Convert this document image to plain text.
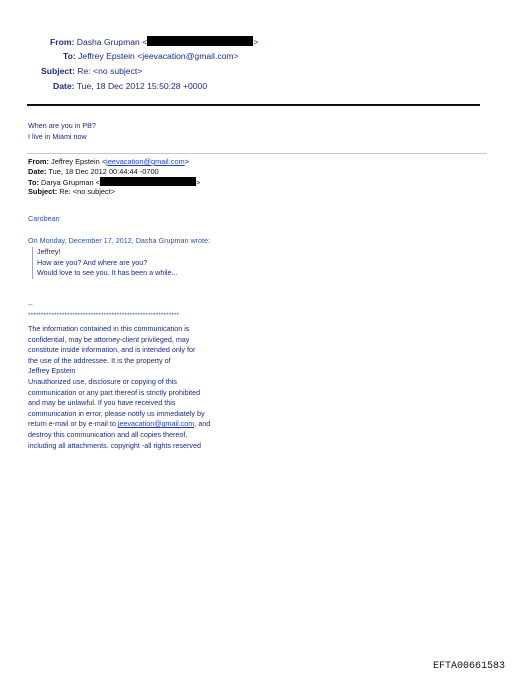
From: Dasha Grupman <	>
To: Jeffrey Epstein <jeevacation@gmail.com>
Subject: Re: <no subject>
Date: Tue, 18 Dec 2012 15:50:28 +0000
When are you in PB?
I live in Miami now
From: Jeffrey Epstein <jeevacation@gmail.com>
Date: Tue, 18 Dec 2012 00:44:44 -0700
To: Darya Grupman <	>
Subject: Re: <no subject>
Carobean
On Monday, December 17, 2012, Dasha Grupman wrote:
Jeffrey!
How are you? And where are you?
Would love to see you. It has been a while...
--
**********************************************************
The information contained in this communication is
confidential, may be attorney-client privileged, may
constitute inside information, and is intended only for
the use of the addressee. It is the property of
Jeffrey Epstein
Unauthorized use, disclosure or copying of this
communication or any part thereof is strictly prohibited
and may be unlawful. If you have received this
communication in error, please notify us immediately by
return e-mail or by e-mail to jeevacation@gmail.com, and
destroy this communication and all copies thereof,
including all attachments. copyright -all rights reserved
EFTA00661583
